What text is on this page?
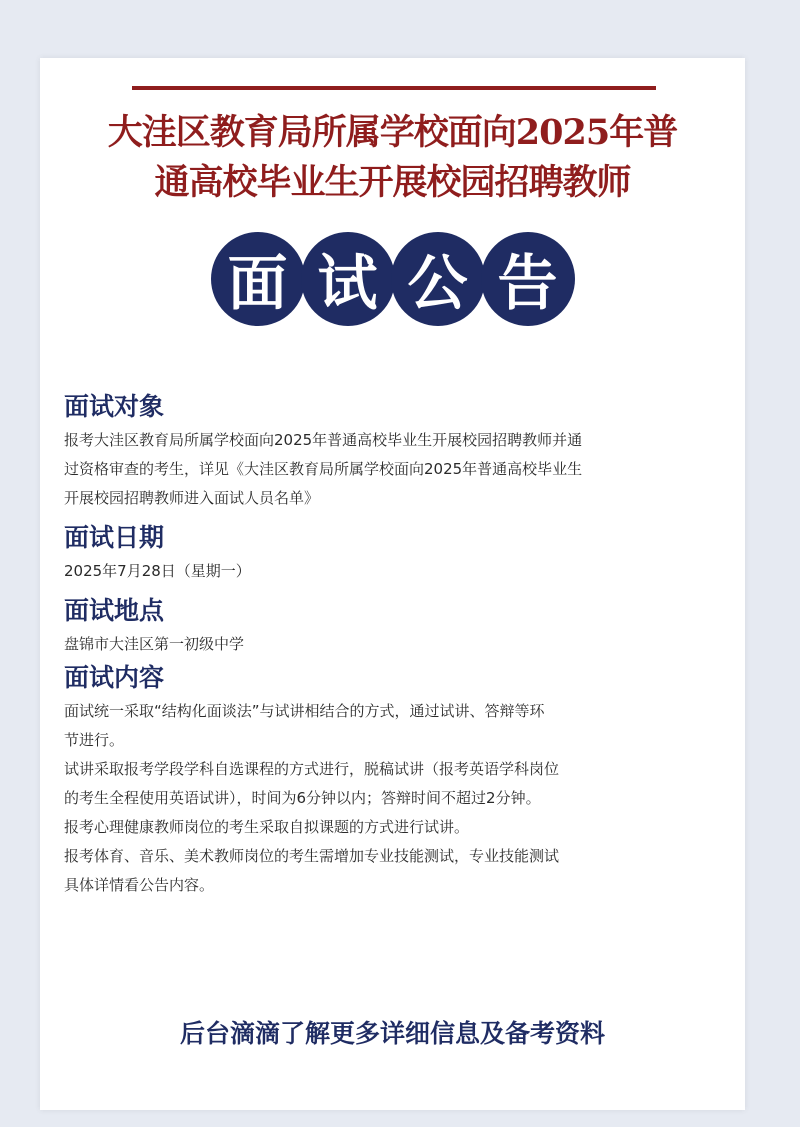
大洼区教育局所属学校面向2025年普
通高校毕业生开展校园招聘教师
面 试 公 告
面试对象

报考大洼区教育局所属学校面向2025年普通高校毕业生开展校园招聘教师并通

过资格审查的考生，详见《大洼区教育局所属学校面向2025年普通高校毕业生

开展校园招聘教师进入面试人员名单》

面试日期

2025年7月28日（星期一）

面试地点

盘锦市大洼区第一初级中学

面试内容

面试统一采取“结构化面谈法”与试讲相结合的方式，通过试讲、答辩等环

节进行。

试讲采取报考学段学科自选课程的方式进行，脱稿试讲（报考英语学科岗位

的考生全程使用英语试讲），时间为6分钟以内；答辩时间不超过2分钟。

报考心理健康教师岗位的考生采取自拟课题的方式进行试讲。

报考体育、音乐、美术教师岗位的考生需增加专业技能测试，专业技能测试

具体详情看公告内容。

后台滴滴了解更多详细信息及备考资料
